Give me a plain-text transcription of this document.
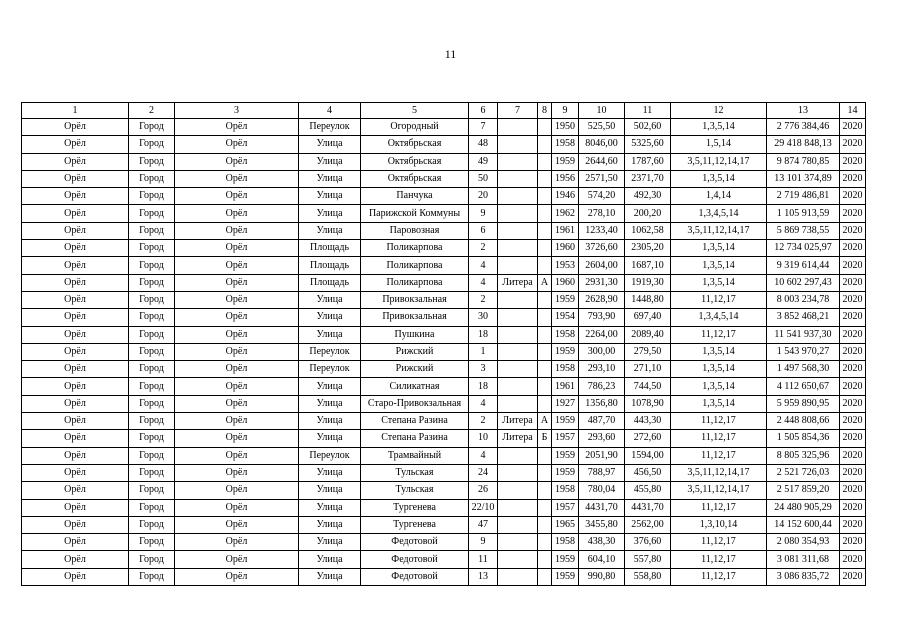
11
1	2	3	4	5	6	7	8	9	10	11	12	13	14
Орёл	Город	Орёл	Переулок	Огородный	7			1950	525,50	502,60	1,3,5,14	2 776 384,46	2020
Орёл	Город	Орёл	Улица	Октябрьская	48			1958	8046,00	5325,60	1,5,14	29 418 848,13	2020
Орёл	Город	Орёл	Улица	Октябрьская	49			1959	2644,60	1787,60	3,5,11,12,14,17	9 874 780,85	2020
Орёл	Город	Орёл	Улица	Октябрьская	50			1956	2571,50	2371,70	1,3,5,14	13 101 374,89	2020
Орёл	Город	Орёл	Улица	Панчука	20			1946	574,20	492,30	1,4,14	2 719 486,81	2020
Орёл	Город	Орёл	Улица	Парижской Коммуны	9			1962	278,10	200,20	1,3,4,5,14	1 105 913,59	2020
Орёл	Город	Орёл	Улица	Паровозная	6			1961	1233,40	1062,58	3,5,11,12,14,17	5 869 738,55	2020
Орёл	Город	Орёл	Площадь	Поликарпова	2			1960	3726,60	2305,20	1,3,5,14	12 734 025,97	2020
Орёл	Город	Орёл	Площадь	Поликарпова	4			1953	2604,00	1687,10	1,3,5,14	9 319 614,44	2020
Орёл	Город	Орёл	Площадь	Поликарпова	4	Литера	А	1960	2931,30	1919,30	1,3,5,14	10 602 297,43	2020
Орёл	Город	Орёл	Улица	Привокзальная	2			1959	2628,90	1448,80	11,12,17	8 003 234,78	2020
Орёл	Город	Орёл	Улица	Привокзальная	30			1954	793,90	697,40	1,3,4,5,14	3 852 468,21	2020
Орёл	Город	Орёл	Улица	Пушкина	18			1958	2264,00	2089,40	11,12,17	11 541 937,30	2020
Орёл	Город	Орёл	Переулок	Рижский	1			1959	300,00	279,50	1,3,5,14	1 543 970,27	2020
Орёл	Город	Орёл	Переулок	Рижский	3			1958	293,10	271,10	1,3,5,14	1 497 568,30	2020
Орёл	Город	Орёл	Улица	Силикатная	18			1961	786,23	744,50	1,3,5,14	4 112 650,67	2020
Орёл	Город	Орёл	Улица	Старо-Привокзальная	4			1927	1356,80	1078,90	1,3,5,14	5 959 890,95	2020
Орёл	Город	Орёл	Улица	Степана Разина	2	Литера	А	1959	487,70	443,30	11,12,17	2 448 808,66	2020
Орёл	Город	Орёл	Улица	Степана Разина	10	Литера	Б	1957	293,60	272,60	11,12,17	1 505 854,36	2020
Орёл	Город	Орёл	Переулок	Трамвайный	4			1959	2051,90	1594,00	11,12,17	8 805 325,96	2020
Орёл	Город	Орёл	Улица	Тульская	24			1959	788,97	456,50	3,5,11,12,14,17	2 521 726,03	2020
Орёл	Город	Орёл	Улица	Тульская	26			1958	780,04	455,80	3,5,11,12,14,17	2 517 859,20	2020
Орёл	Город	Орёл	Улица	Тургенева	22/10			1957	4431,70	4431,70	11,12,17	24 480 905,29	2020
Орёл	Город	Орёл	Улица	Тургенева	47			1965	3455,80	2562,00	1,3,10,14	14 152 600,44	2020
Орёл	Город	Орёл	Улица	Федотовой	9			1958	438,30	376,60	11,12,17	2 080 354,93	2020
Орёл	Город	Орёл	Улица	Федотовой	11			1959	604,10	557,80	11,12,17	3 081 311,68	2020
Орёл	Город	Орёл	Улица	Федотовой	13			1959	990,80	558,80	11,12,17	3 086 835,72	2020
